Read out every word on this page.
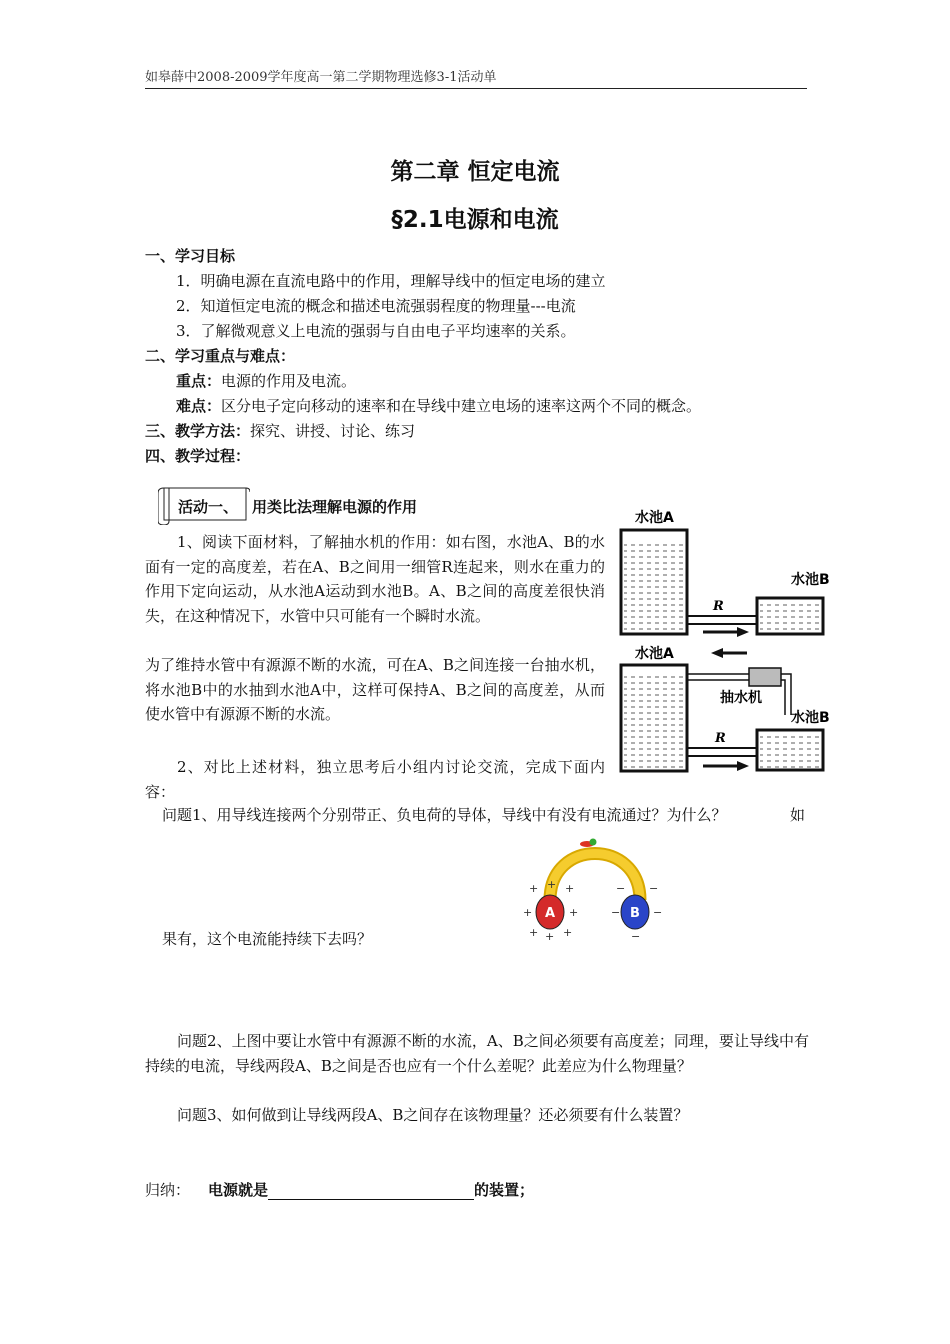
如皋薛中2008-2009学年度高一第二学期物理选修3-1活动单
第二章 恒定电流
§2.1电源和电流
一、学习目标
1．明确电源在直流电路中的作用，理解导线中的恒定电场的建立
2．知道恒定电流的概念和描述电流强弱程度的物理量---电流
3．了解微观意义上电流的强弱与自由电子平均速率的关系。
二、学习重点与难点：
重点：电源的作用及电流。
难点：区分电子定向移动的速率和在导线中建立电场的速率这两个不同的概念。
三、教学方法：探究、讲授、讨论、练习
四、教学过程：
活动一、 用类比法理解电源的作用
1、阅读下面材料，了解抽水机的作用：如右图，水池A、B的水面有一定的高度差，若在A、B之间用一细管R连起来，则水在重力的作用下定向运动，从水池A运动到水池B。A、B之间的高度差很快消失，在这种情况下，水管中只可能有一个瞬时水流。
为了维持水管中有源源不断的水流，可在A、B之间连接一台抽水机，将水池B中的水抽到水池A中，这样可保持A、B之间的高度差，从而使水管中有源源不断的水流。
2、对比上述材料，独立思考后小组内讨论交流，完成下面内容：
水池A
R
水池B
水池A
抽水机
R
水池B
问题1、用导线连接两个分别带正、负电荷的导体，导线中有没有电流通过？为什么？	如
果有，这个电流能持续下去吗？
A	B
+ +
+	+
+ + +
+
−	−
− −
−
问题2、上图中要让水管中有源源不断的水流，A、B之间必须要有高度差；同理，要让导线中有持续的电流，导线两段A、B之间是否也应有一个什么差呢？此差应为什么物理量？
问题3、如何做到让导线两段A、B之间存在该物理量？还必须要有什么装置？
归纳： 电源就是	的装置；
